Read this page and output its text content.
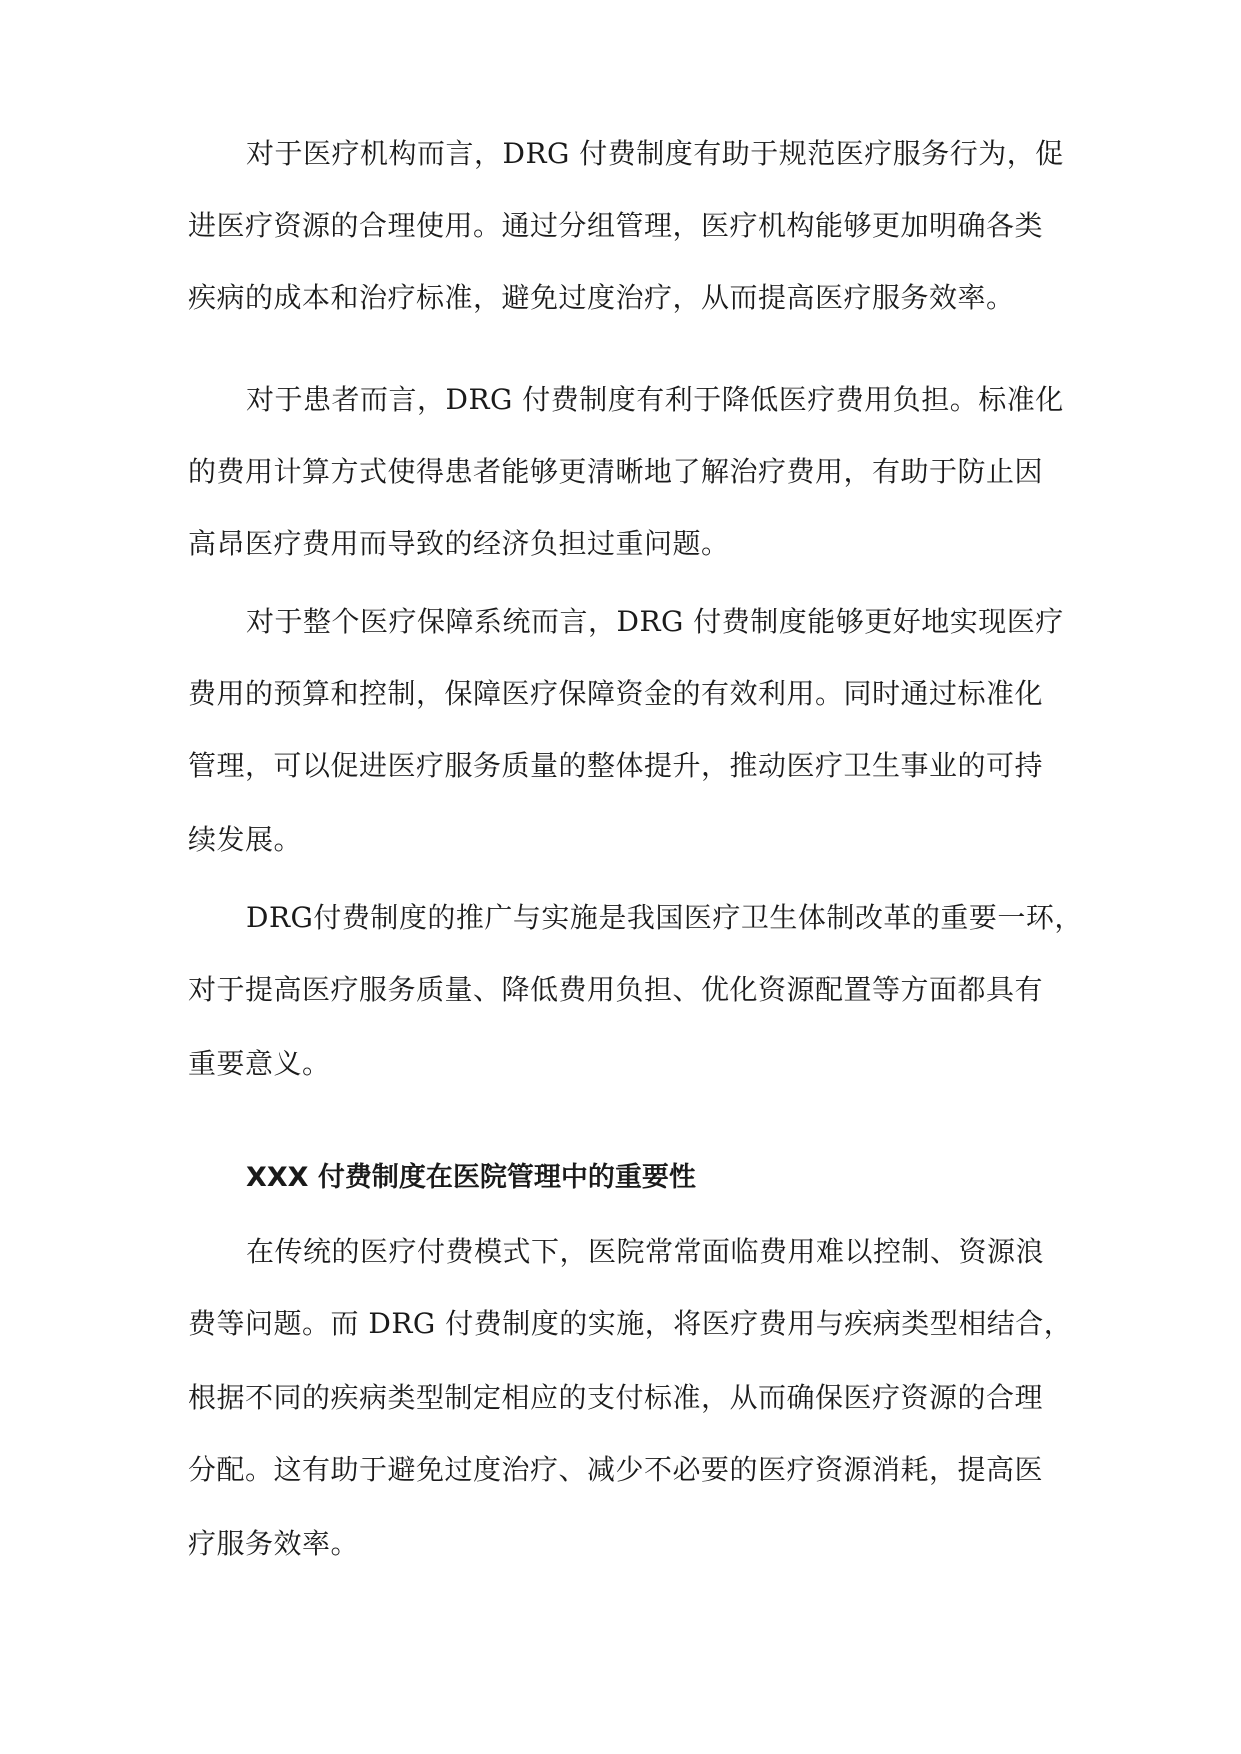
对于医疗机构而言，DRG 付费制度有助于规范医疗服务行为，促
进医疗资源的合理使用。通过分组管理，医疗机构能够更加明确各类
疾病的成本和治疗标准，避免过度治疗，从而提高医疗服务效率。
对于患者而言，DRG 付费制度有利于降低医疗费用负担。标准化
的费用计算方式使得患者能够更清晰地了解治疗费用，有助于防止因
高昂医疗费用而导致的经济负担过重问题。
对于整个医疗保障系统而言，DRG 付费制度能够更好地实现医疗
费用的预算和控制，保障医疗保障资金的有效利用。同时通过标准化
管理，可以促进医疗服务质量的整体提升，推动医疗卫生事业的可持
续发展。
DRG付费制度的推广与实施是我国医疗卫生体制改革的重要一环，
对于提高医疗服务质量、降低费用负担、优化资源配置等方面都具有
重要意义。
XXX 付费制度在医院管理中的重要性
在传统的医疗付费模式下，医院常常面临费用难以控制、资源浪
费等问题。而 DRG 付费制度的实施，将医疗费用与疾病类型相结合，
根据不同的疾病类型制定相应的支付标准，从而确保医疗资源的合理
分配。这有助于避免过度治疗、减少不必要的医疗资源消耗，提高医
疗服务效率。
